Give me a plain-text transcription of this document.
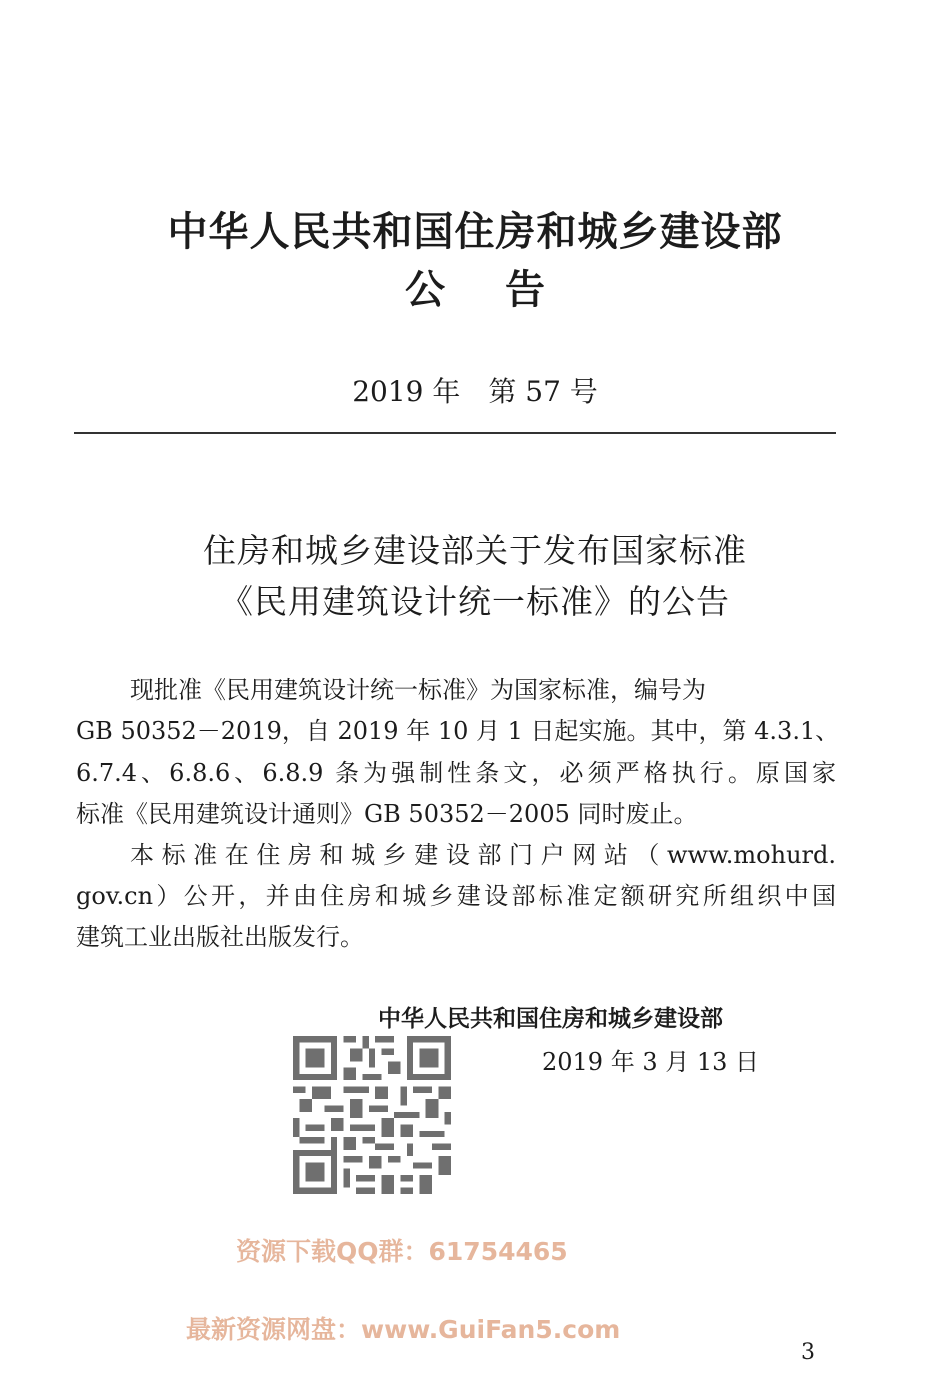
中华人民共和国住房和城乡建设部
公告
2019 年　第 57 号
住房和城乡建设部关于发布国家标准
《民用建筑设计统一标准》的公告
现批准《民用建筑设计统一标准》为国家标准，编号为
GB 50352－2019，自 2019 年 10 月 1 日起实施。其中，第 4.3.1、
6.7.4、6.8.6、6.8.9 条为强制性条文，必须严格执行。原国家
标准《民用建筑设计通则》GB 50352－2005 同时废止。
本标准在住房和城乡建设部门户网站（www.mohurd.
gov.cn）公开，并由住房和城乡建设部标准定额研究所组织中国
建筑工业出版社出版发行。
中华人民共和国住房和城乡建设部
2019 年 3 月 13 日
资源下载QQ群：61754465
最新资源网盘：www.GuiFan5.com
3
